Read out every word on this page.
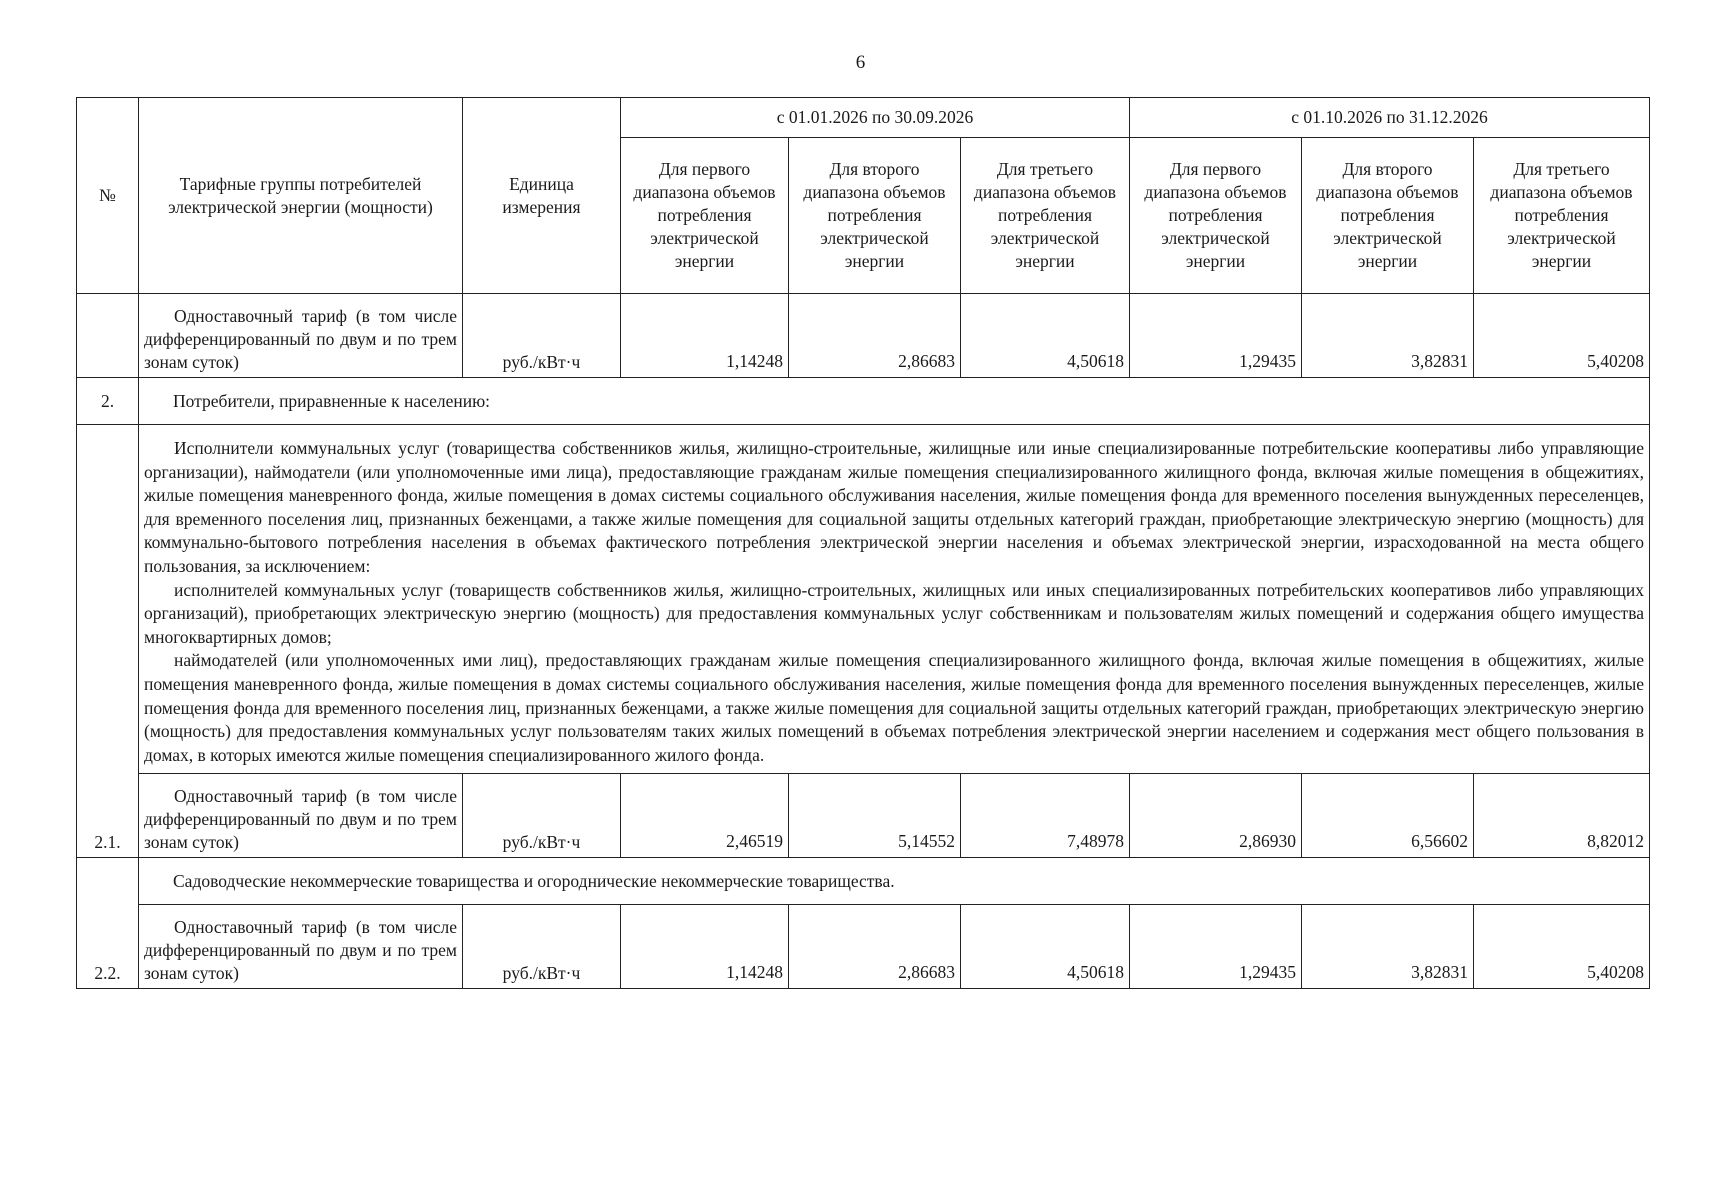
6
№	Тарифные группы потребителей электрической энергии (мощности)	Единица измерения	с 01.01.2026 по 30.09.2026			с 01.10.2026 по 31.12.2026		
			Для первого диапазона объемов потребления электрической энергии	Для второго диапазона объемов потребления электрической энергии	Для третьего диапазона объемов потребления электрической энергии	Для первого диапазона объемов потребления электрической энергии	Для второго диапазона объемов потребления электрической энергии	Для третьего диапазона объемов потребления электрической энергии
	Одноставочный тариф (в том числе дифференцированный по двум и по трем зонам суток)	руб./кВт·ч	1,14248	2,86683	4,50618	1,29435	3,82831	5,40208
2.	Потребители, приравненные к населению:							
2.1.	Исполнители коммунальных услуг (товарищества собственников жилья, жилищно-строительные, жилищные или иные специализированные потребительские кооперативы либо управляющие организации), наймодатели (или уполномоченные ими лица), предоставляющие гражданам жилые помещения специализированного жилищного фонда, включая жилые помещения в общежитиях, жилые помещения маневренного фонда, жилые помещения в домах системы социального обслуживания населения, жилые помещения фонда для временного поселения вынужденных переселенцев, для временного поселения лиц, признанных беженцами, а также жилые помещения для социальной защиты отдельных категорий граждан, приобретающие электрическую энергию (мощность) для коммунально-бытового потребления населения в объемах фактического потребления электрической энергии населения и объемах электрической энергии, израсходованной на места общего пользования, за исключением:

исполнителей коммунальных услуг (товариществ собственников жилья, жилищно-строительных, жилищных или иных специализированных потребительских кооперативов либо управляющих организаций), приобретающих электрическую энергию (мощность) для предоставления коммунальных услуг собственникам и пользователям жилых помещений и содержания общего имущества многоквартирных домов;

наймодателей (или уполномоченных ими лиц), предоставляющих гражданам жилые помещения специализированного жилищного фонда, включая жилые помещения в общежитиях, жилые помещения маневренного фонда, жилые помещения в домах системы социального обслуживания населения, жилые помещения фонда для временного поселения вынужденных переселенцев, жилые помещения фонда для временного поселения лиц, признанных беженцами, а также жилые помещения для социальной защиты отдельных категорий граждан, приобретающих электрическую энергию (мощность) для предоставления коммунальных услуг пользователям таких жилых помещений в объемах потребления электрической энергии населением и содержания мест общего пользования в домах, в которых имеются жилые помещения специализированного жилого фонда.							

	Одноставочный тариф (в том числе дифференцированный по двум и по трем зонам суток)	руб./кВт·ч	2,46519	5,14552	7,48978	2,86930	6,56602	8,82012
2.2.	Садоводческие некоммерческие товарищества и огороднические некоммерческие товарищества.							
	Одноставочный тариф (в том числе дифференцированный по двум и по трем зонам суток)	руб./кВт·ч	1,14248	2,86683	4,50618	1,29435	3,82831	5,40208
